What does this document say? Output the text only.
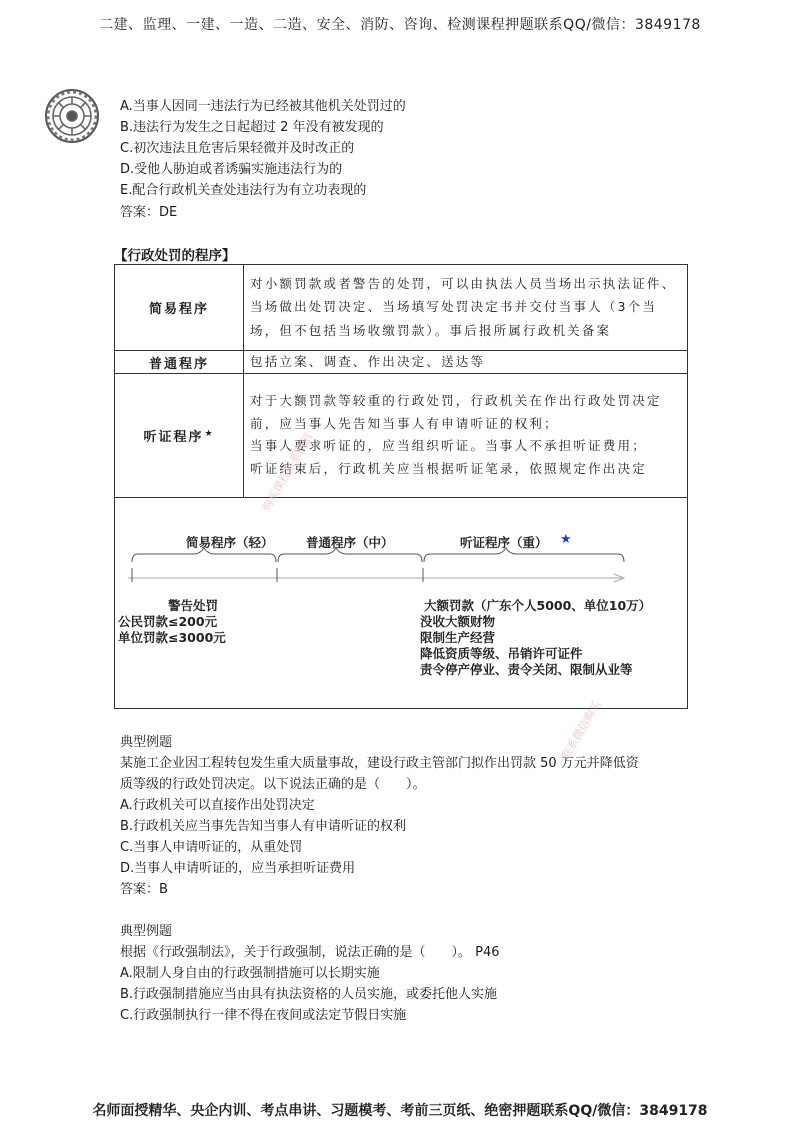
二建、监理、一建、一造、二造、安全、消防、咨询、检测课程押题联系QQ/微信：3849178
A.当事人因同一违法行为已经被其他机关处罚过的
B.违法行为发生之日起超过 2 年没有被发现的
C.初次违法且危害后果轻微并及时改正的
D.受他人胁迫或者诱骗实施违法行为的
E.配合行政机关查处违法行为有立功表现的
答案：DE
【行政处罚的程序】
简易程序	对小额罚款或者警告的处罚，可以由执法人员当场出示执法证件、当场做出处罚决定、当场填写处罚决定书并交付当事人（3个当场，但不包括当场收缴罚款）。事后报所属行政机关备案
普通程序	包括立案、调查、作出决定、送达等
听证程序★	对于大额罚款等较重的行政处罚，行政机关在作出行政处罚决定前，应当事人先告知当事人有申请听证的权利；
当事人要求听证的，应当组织听证。当事人不承担听证费用；
听证结束后，行政机关应当根据听证笔录，依照规定作出决定
简易程序（轻）	普通程序（中）	听证程序（重） ★
警告处罚
公民罚款≤200元
单位罚款≤3000元
大额罚款（广东个人5000、单位10万）
没收大额财物
限制生产经营
降低资质等级、吊销许可证件
责令停产停业、责令关闭、限制从业等
购买课程联系微信
一联系微信购买
典型例题
某施工企业因工程转包发生重大质量事故，建设行政主管部门拟作出罚款 50 万元并降低资
质等级的行政处罚决定。以下说法正确的是（　　）。
A.行政机关可以直接作出处罚决定
B.行政机关应当事先告知当事人有申请听证的权利
C.当事人申请听证的，从重处罚
D.当事人申请听证的，应当承担听证费用
答案：B
典型例题
根据《行政强制法》，关于行政强制，说法正确的是（　　）。 P46
A.限制人身自由的行政强制措施可以长期实施
B.行政强制措施应当由具有执法资格的人员实施，或委托他人实施
C.行政强制执行一律不得在夜间或法定节假日实施
名师面授精华、央企内训、考点串讲、习题模考、考前三页纸、绝密押题联系QQ/微信：3849178
